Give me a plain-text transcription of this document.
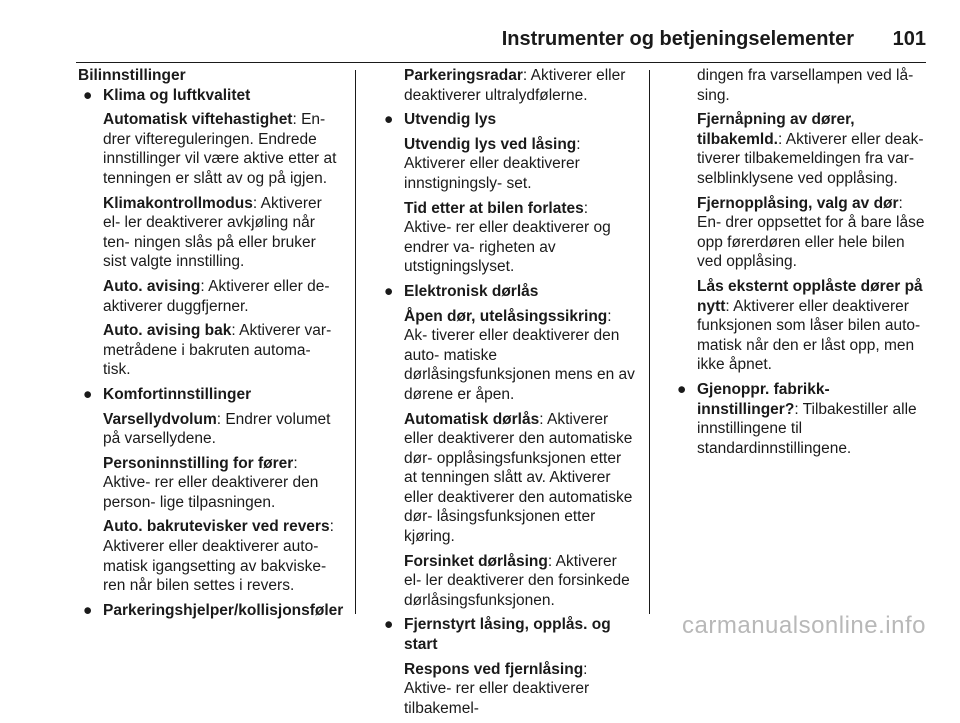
Instrumenter og betjeningselementer 101

Bilinnstillinger

● Klima og luftkvalitet

Automatisk viftehastighet: En- drer viftereguleringen. Endrede innstillinger vil være aktive etter at tenningen er slått av og på igjen.

Klimakontrollmodus: Aktiverer el- ler deaktiverer avkjøling når ten- ningen slås på eller bruker sist valgte innstilling.

Auto. avising: Aktiverer eller de- aktiverer duggfjerner.

Auto. avising bak: Aktiverer var- metrådene i bakruten automa- tisk.

● Komfortinnstillinger

Varsellydvolum: Endrer volumet på varsellydene.

Personinnstilling for fører: Aktive- rer eller deaktiverer den person- lige tilpasningen.

Auto. bakrutevisker ved revers: Aktiverer eller deaktiverer auto- matisk igangsetting av bakviske- ren når bilen settes i revers.

● Parkeringshjelper/kollisjonsføler

Parkeringsradar: Aktiverer eller deaktiverer ultralydfølerne.

● Utvendig lys

Utvendig lys ved låsing: Aktiverer eller deaktiverer innstigningsly- set.

Tid etter at bilen forlates: Aktive- rer eller deaktiverer og endrer va- righeten av utstigningslyset.

● Elektronisk dørlås

Åpen dør, utelåsingssikring: Ak- tiverer eller deaktiverer den auto- matiske dørlåsingsfunksjonen mens en av dørene er åpen.

Automatisk dørlås: Aktiverer eller deaktiverer den automatiske dør- opplåsingsfunksjonen etter at tenningen slått av. Aktiverer eller deaktiverer den automatiske dør- låsingsfunksjonen etter kjøring.

Forsinket dørlåsing: Aktiverer el- ler deaktiverer den forsinkede dørlåsingsfunksjonen.

● Fjernstyrt låsing, opplås. og start

Respons ved fjernlåsing: Aktive- rer eller deaktiverer tilbakemel-

dingen fra varsellampen ved lå- sing.

Fjernåpning av dører, tilbakemld.: Aktiverer eller deak- tiverer tilbakemeldingen fra var- selblinklysene ved opplåsing.

Fjernopplåsing, valg av dør: En- drer oppsettet for å bare låse opp førerdøren eller hele bilen ved opplåsing.

Lås eksternt opplåste dører på nytt: Aktiverer eller deaktiverer funksjonen som låser bilen auto- matisk når den er låst opp, men ikke åpnet.

● Gjenoppr. fabrikk-innstillinger?: Tilbakestiller alle innstillingene til standardinnstillingene.

carmanualsonline.info
